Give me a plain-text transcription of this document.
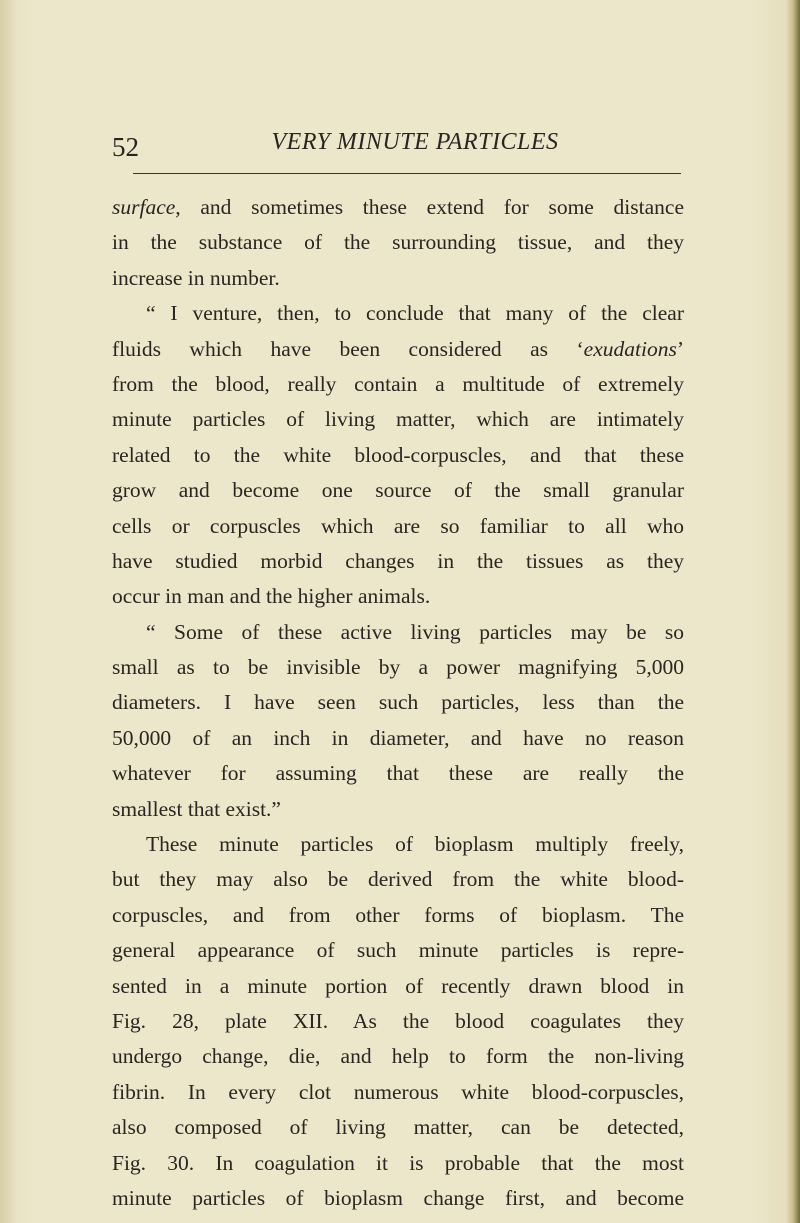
52	VERY MINUTE PARTICLES
surface, and sometimes these extend for some distance
in the substance of the surrounding tissue, and they
increase in number.
“ I venture, then, to conclude that many of the clear
fluids which have been considered as ‘exudations’
from the blood, really contain a multitude of extremely
minute particles of living matter, which are intimately
related to the white blood-corpuscles, and that these
grow and become one source of the small granular
cells or corpuscles which are so familiar to all who
have studied morbid changes in the tissues as they
occur in man and the higher animals.
“ Some of these active living particles may be so
small as to be invisible by a power magnifying 5,000
diameters. I have seen such particles, less than the
50,000 of an inch in diameter, and have no reason
whatever for assuming that these are really the
smallest that exist.”
These minute particles of bioplasm multiply freely,
but they may also be derived from the white blood-
corpuscles, and from other forms of bioplasm. The
general appearance of such minute particles is repre-
sented in a minute portion of recently drawn blood in
Fig. 28, plate XII. As the blood coagulates they
undergo change, die, and help to form the non-living
fibrin. In every clot numerous white blood-corpuscles,
also composed of living matter, can be detected,
Fig. 30. In coagulation it is probable that the most
minute particles of bioplasm change first, and become
